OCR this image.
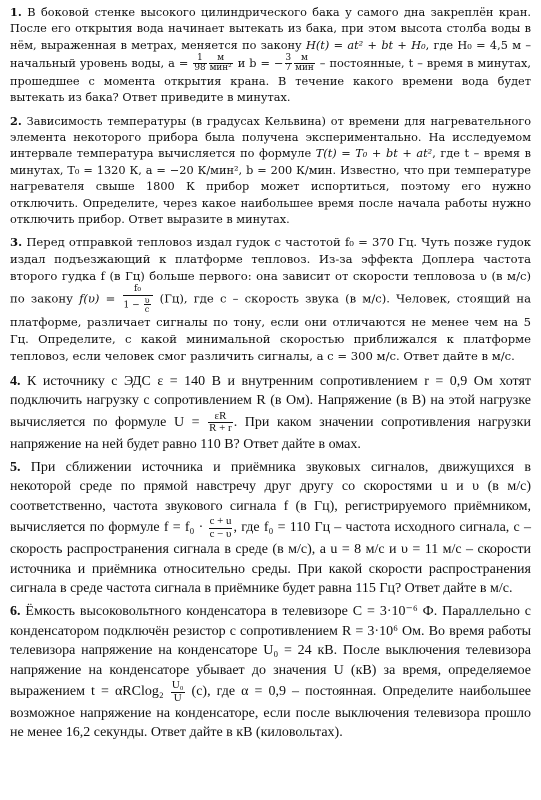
1. В боковой стенке высокого цилиндрического бака у самого дна закреплён кран. После его открытия вода начинает вытекать из бака, при этом высота столба воды в нём, выраженная в метрах, меняется по закону H(t) = at² + bt + H₀, где H₀ = 4,5 м – начальный уровень воды, $a = \frac{1}{98} \frac{м}{\text{мин²}}$ и b = − $\frac{3}{7} \frac{м}{\text{мин}}$ – постоянные, t – время в минутах, прошедшее с момента открытия крана. В течение какого времени вода будет вытекать из бака? Ответ приведите в минутах.

2. Зависимость температуры (в градусах Кельвина) от времени для нагревательного элемента некоторого прибора была получена экспериментально. На исследуемом интервале температура вычисляется по формуле T(t) = T₀ + bt + at², где t – время в минутах, T₀ = 1320 К, a = −20 К/мин², b = 200 К/мин. Известно, что при температуре нагревателя свыше 1800 К прибор может испортиться, поэтому его нужно отключить. Определите, через какое наибольшее время после начала работы нужно отключить прибор. Ответ выразите в минутах.

3. Перед отправкой тепловоз издал гудок с частотой f₀ = 370 Гц. Чуть позже гудок издал подъезжающий к платформе тепловоз. Из-за эффекта Доплера частота второго гудка f (в Гц) больше первого: она зависит от скорости тепловоза υ (в м/с) по закону $f(\upsilon) = \frac{\text{f₀}}{1 - \frac{\upsilon}{c}} (Гц)$, где c – скорость звука (в м/с). Человек, стоящий на платформе, различает сигналы по тону, если они отличаются не менее чем на 5 Гц. Определите, с какой минимальной скоростью приближался к платформе тепловоз, если человек смог различить сигналы, а c = 300 м/с. Ответ дайте в м/с.

4. К источнику с ЭДС ε = 140 В и внутренним сопротивлением r = 0,9 Ом хотят подключить нагрузку с сопротивлением R (в Ом). Напряжение (в В) на этой нагрузке вычисляется по формуле $U = \frac{\varepsilon R}{R + r}$ . При каком значении сопротивления нагрузки напряжение на ней будет равно 110 В? Ответ дайте в омах.

5. При сближении источника и приёмника звуковых сигналов, движущихся в некоторой среде по прямой навстречу друг другу со скоростями u и υ (в м/с) соответственно, частота звукового сигнала f (в Гц), регистрируемого приёмником, вычисляется по формуле $f = f_0 \cdot \frac{c + u}{c - \upsilon}$ , где f₀ = 110 Гц – частота исходного сигнала, c – скорость распространения сигнала в среде (в м/с), а u = 8 м/с и υ = 11 м/с – скорости источника и приёмника относительно среды. При какой скорости распространения сигнала в среде частота сигнала в приёмнике будет равна 115 Гц? Ответ дайте в м/с.

6. Ёмкость высоковольтного конденсатора в телевизоре C = 3·10⁻⁶ Ф. Параллельно с конденсатором подключён резистор с сопротивлением R = 3·10⁶ Ом. Во время работы телевизора напряжение на конденсаторе U₀ = 24 кВ. После выключения телевизора напряжение на конденсаторе убывает до значения U (кВ) за время, определяемое выражением $t = \alpha RClog_2 \frac{\text{U₀}}{U} (с)$, где α = 0,9 – постоянная. Определите наибольшее возможное напряжение на конденсаторе, если после выключения телевизора прошло не менее 16,2 секунды. Ответ дайте в кВ (киловольтах).
